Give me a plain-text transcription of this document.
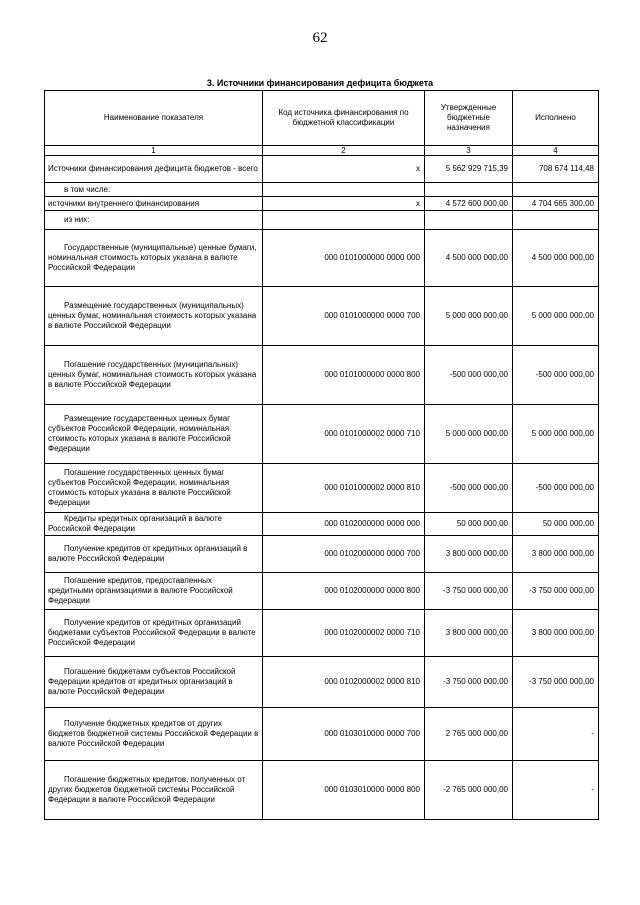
62
3. Источники финансирования дефицита бюджета
Наименование показателя	Код источника финансирования по бюджетной классификации	Утвержденные бюджетные назначения	Исполнено
1	2	3	4
Источники финансирования дефицита бюджетов - всего	x	5 562 929 715,39	708 674 114,48
в том числе:			
источники внутреннего финансирования	x	4 572 600 000,00	4 704 665 300,00
из них:			
Государственные (муниципальные) ценные бумаги, номинальная стоимость которых указана в валюте Российской Федерации	000 0101000000 0000 000	4 500 000 000,00	4 500 000 000,00
Размещение государственных (муниципальных) ценных бумаг, номинальная стоимость которых указана в валюте Российской Федерации	000 0101000000 0000 700	5 000 000 000,00	5 000 000 000,00
Погашение государственных (муниципальных) ценных бумаг, номинальная стоимость которых указана в валюте Российской Федерации	000 0101000000 0000 800	-500 000 000,00	-500 000 000,00
Размещение государственных ценных бумаг субъектов Российской Федерации, номинальная стоимость которых указана в валюте Российской Федерации	000 0101000002 0000 710	5 000 000 000,00	5 000 000 000,00
Погашение государственных ценных бумаг субъектов Российской Федерации, номинальная стоимость которых указана в валюте Российской Федерации	000 0101000002 0000 810	-500 000 000,00	-500 000 000,00
Кредиты кредитных организаций в валюте Российской Федерации	000 0102000000 0000 000	50 000 000,00	50 000 000,00
Получение кредитов от кредитных организаций в валюте Российской Федерации	000 0102000000 0000 700	3 800 000 000,00	3 800 000 000,00
Погашение кредитов, предоставленных кредитными организациями в валюте Российской Федерации	000 0102000000 0000 800	-3 750 000 000,00	-3 750 000 000,00
Получение кредитов от кредитных организаций бюджетами субъектов Российской Федерации в валюте Российской Федерации	000 0102000002 0000 710	3 800 000 000,00	3 800 000 000,00
Погашение бюджетами субъектов Российской Федерации кредитов от кредитных организаций в валюте Российской Федерации	000 0102000002 0000 810	-3 750 000 000,00	-3 750 000 000,00
Получение бюджетных кредитов от других бюджетов бюджетной системы Российской Федерации в валюте Российской Федерации	000 0103010000 0000 700	2 765 000 000,00	-
Погашение бюджетных кредитов, полученных от других бюджетов бюджетной системы Российской Федерации в валюте Российской Федерации	000 0103010000 0000 800	-2 765 000 000,00	-
